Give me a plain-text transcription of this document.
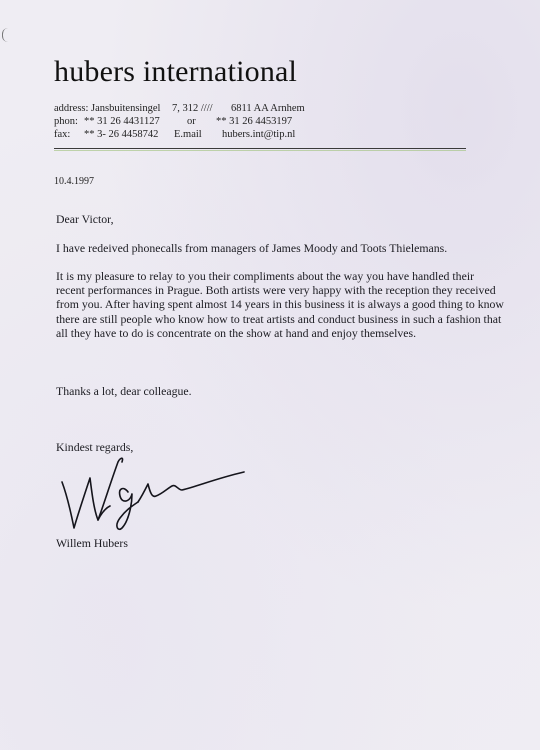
hubers international
address: Jansbuitensingel 7, 312 //// 6811 AA Arnhem
phon: ** 31 26 4431127	or ** 31 26 4453197
fax: ** 3- 26 4458742 E.mail hubers.int@tip.nl
10.4.1997
Dear Victor,
I have redeived phonecalls from managers of James Moody and Toots Thielemans.
It is my pleasure to relay to you their compliments about the way you have handled their
recent performances in Prague. Both artists were very happy with the reception they received
from you. After having spent almost 14 years in this business it is always a good thing to know
there are still people who know how to treat artists and conduct business in such a fashion that
all they have to do is concentrate on the show at hand and enjoy themselves.
Thanks a lot, dear colleague.
Kindest regards,
Willem Hubers
